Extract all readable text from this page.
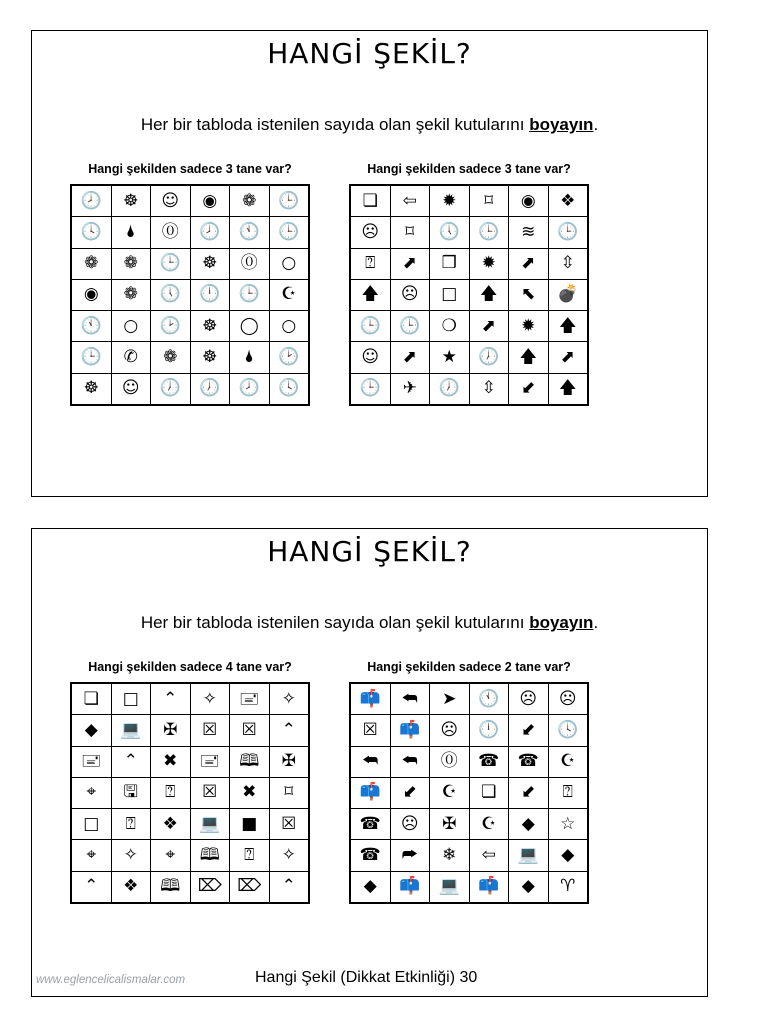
HANGİ ŞEKİL?
Her bir tabloda istenilen sayıda olan şekil kutularını boyayın.
Hangi şekilden sadece 3 tane var?	Hangi şekilden sadece 3 tane var?
🕗	☸	☺	◉	❁	🕒
🕓	🌢	⓪	🕗	🕚	🕒
❁	❁	🕒	☸	⓪	○
◉	❁	🕔	🕛	🕒	☪
🕚	○	🕑	☸	◯	○
🕒	✆	❁	☸	🌢	🕑
☸	☺	🕖	🕖	🕗	🕓
❏	⇦	✹	⌑	◉	❖
☹	⌑	🕔	🕒	≋	🕒
⍰	⬈	❒	✹	⬈	⇳
🡅	☹	□	🡅	⬉	💣
🕒	🕒	❍	⬈	✹	🡅
☺	⬈	★	🕖	🡅	⬈
🕒	✈	🕖	⇳	⬋	🡅
HANGİ ŞEKİL?
Her bir tabloda istenilen sayıda olan şekil kutularını boyayın.
Hangi şekilden sadece 4 tane var?	Hangi şekilden sadece 2 tane var?
❏	□	⌃	✧	🖃	✧
◆	💻	✠	☒	☒	⌃
🖃	⌃	✖	🖃	🕮	✠
⌖	🖫	⍰	☒	✖	⌑
□	⍰	❖	💻	■	☒
⌖	✧	⌖	🕮	⍰	✧
⌃	❖	🕮	⌦ ⌦	⌃
📫	⮪	➤	🕚	☹	☹
☒	📫	☹	🕛	⬋	🕓
⮪	⮪	⓪	☎	☎	☪
📫	⬋	☪	❏	⬋	⍰
☎	☹	✠	☪	◆	☆
☎	⮫	❄	⇦	💻	◆
◆	📫	💻	📫	◆	♈
www.eglencelicalismalar.com	Hangi Şekil (Dikkat Etkinliği) 30
